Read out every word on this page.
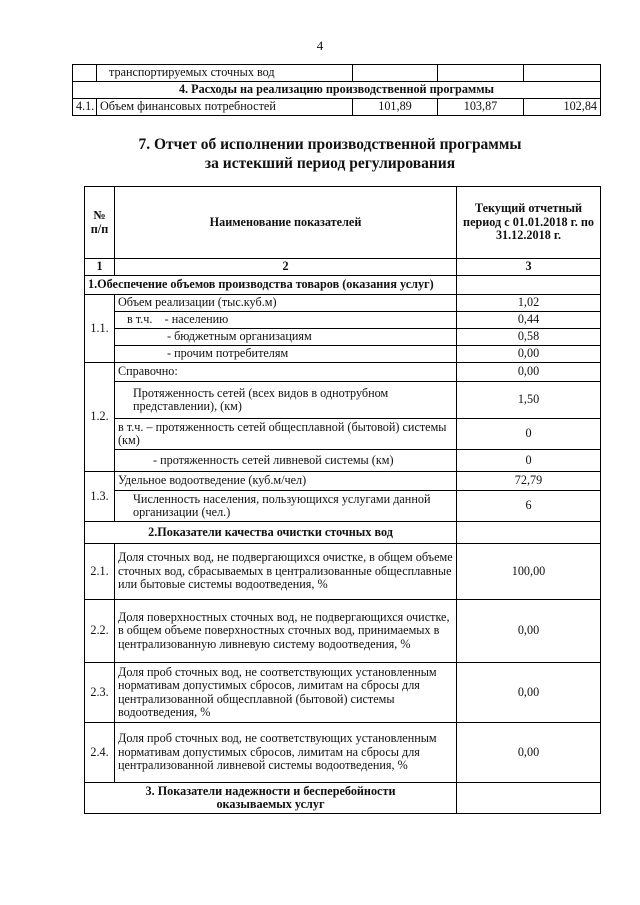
4
	транспортируемых сточных вод			
4. Расходы на реализацию производственной программы				
4.1.	Объем финансовых потребностей	101,89	103,87	102,84
7. Отчет об исполнении производственной программы
за истекший период регулирования
№ п/п	Наименование показателей	Текущий отчетный период с 01.01.2018 г. по 31.12.2018 г.
1	2	3
1.Обеспечение объемов производства товаров (оказания услуг)		
1.1.	Объем реализации (тыс.куб.м)	1,02
	в т.ч. - населению	0,44
	- бюджетным организациям	0,58
	- прочим потребителям	0,00
1.2.	Справочно:	0,00
	Протяженность сетей (всех видов в однотрубном представлении), (км)	1,50
	в т.ч. – протяженность сетей общесплавной (бытовой) системы (км)	0
	- протяженность сетей ливневой системы (км)	0
1.3.	Удельное водоотведение (куб.м/чел)	72,79
	Численность населения, пользующихся услугами данной организации (чел.)	6
2.Показатели качества очистки сточных вод		
2.1.	Доля сточных вод, не подвергающихся очистке, в общем объеме сточных вод, сбрасываемых в централизованные общесплавные или бытовые системы водоотведения, %	100,00
2.2.	Доля поверхностных сточных вод, не подвергающихся очистке, в общем объеме поверхностных сточных вод, принимаемых в централизованную ливневую систему водоотведения, %	0,00
2.3.	Доля проб сточных вод, не соответствующих установленным нормативам допустимых сбросов, лимитам на сбросы для централизованной общесплавной (бытовой) системы водоотведения, %	0,00
2.4.	Доля проб сточных вод, не соответствующих установленным нормативам допустимых сбросов, лимитам на сбросы для централизованной ливневой системы водоотведения, %	0,00
3. Показатели надежности и бесперебойности оказываемых услуг		
